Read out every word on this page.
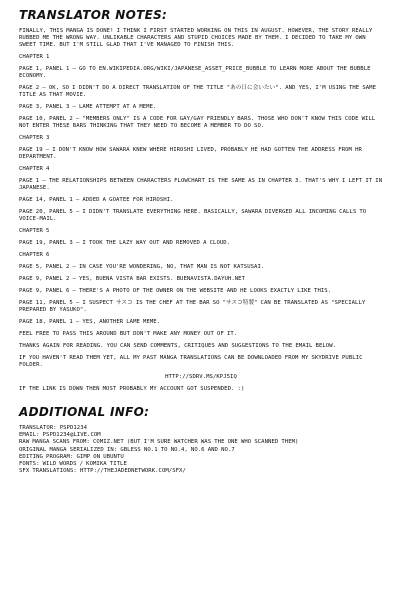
TRANSLATOR NOTES:

FINALLY, THIS MANGA IS DONE! I THINK I FIRST STARTED WORKING ON THIS IN AUGUST. HOWEVER, THE STORY REALLY RUBBED ME THE WRONG WAY. UNLIKABLE CHARACTERS AND STUPID CHOICES MADE BY THEM. I DECIDED TO TAKE MY OWN SWEET TIME. BUT I'M STILL GLAD THAT I'VE MANAGED TO FINISH THIS.

CHAPTER 1

PAGE 1, PANEL 1 – GO TO EN.WIKIPEDIA.ORG/WIKI/JAPANESE_ASSET_PRICE_BUBBLE TO LEARN MORE ABOUT THE BUBBLE ECONOMY.

PAGE 2 – OK, SO I DIDN'T DO A DIRECT TRANSLATION OF THE TITLE "あの日に会いたい". AND YES, I'M USING THE SAME TITLE AS THAT MOVIE.

PAGE 3, PANEL 3 – LAME ATTEMPT AT A MEME.

PAGE 10, PANEL 2 – "MEMBERS ONLY" IS A CODE FOR GAY/GAY FRIENDLY BARS. THOSE WHO DON'T KNOW THIS CODE WILL NOT ENTER THESE BARS THINKING THAT THEY NEED TO BECOME A MEMBER TO DO SO.

CHAPTER 3

PAGE 19 – I DON'T KNOW HOW SAWARA KNEW WHERE HIROSHI LIVED, PROBABLY HE HAD GOTTEN THE ADDRESS FROM HR DEPARTMENT.

CHAPTER 4

PAGE 1 – THE RELATIONSHIPS BETWEEN CHARACTERS FLOWCHART IS THE SAME AS IN CHAPTER 3. THAT'S WHY I LEFT IT IN JAPANESE.

PAGE 14, PANEL 1 – ADDED A GOATEE FOR HIROSHI.

PAGE 20, PANEL 5 – I DIDN'T TRANSLATE EVERYTHING HERE. BASICALLY, SAWARA DIVERGED ALL INCOMING CALLS TO VOICE-MAIL.

CHAPTER 5

PAGE 19, PANEL 3 – I TOOK THE LAZY WAY OUT AND REMOVED A CLOUD.

CHAPTER 6

PAGE 5, PANEL 2 – IN CASE YOU'RE WONDERING, NO, THAT MAN IS NOT KATSUSAI.

PAGE 9, PANEL 2 – YES, BUENA VISTA BAR EXISTS. BUENAVISTA.DAYUH.NET

PAGE 9, PANEL 6 – THERE'S A PHOTO OF THE OWNER ON THE WEBSITE AND HE LOOKS EXACTLY LIKE THIS.

PAGE 11, PANEL 5 – I SUSPECT サスコ IS THE CHEF AT THE BAR SO "サスコ特製" CAN BE TRANSLATED AS "SPECIALLY PREPARED BY YASUKO".

PAGE 18, PANEL 1 – YES, ANOTHER LAME MEME.

FEEL FREE TO PASS THIS AROUND BUT DON'T MAKE ANY MONEY OUT OF IT.

THANKS AGAIN FOR READING. YOU CAN SEND COMMENTS, CRITIQUES AND SUGGESTIONS TO THE EMAIL BELOW.

IF YOU HAVEN'T READ THEM YET, ALL MY PAST MANGA TRANSLATIONS CAN BE DOWNLOADED FROM MY SKYDRIVE PUBLIC FOLDER.

HTTP://SDRV.MS/KPJ5IQ

IF THE LINK IS DOWN THEN MOST PROBABLY MY ACCOUNT GOT SUSPENDED. :)

ADDITIONAL INFO:

TRANSLATOR: PSPD1234

EMAIL: PSPD1234@LIVE.COM

RAW MANGA SCANS FROM: COMIZ.NET (BUT I'M SURE WATCHER WAS THE ONE WHO SCANNED THEM)

ORIGINAL MANGA SERIALIZED IN: GBLESS NO.1 TO NO.4, NO.6 AND NO.7

EDITING PROGRAM: GIMP ON UBUNTU

FONTS: WILD WORDS / KOMIKA TITLE

SFX TRANSLATIONS: HTTP://THEJADEDNETWORK.COM/SFX/
